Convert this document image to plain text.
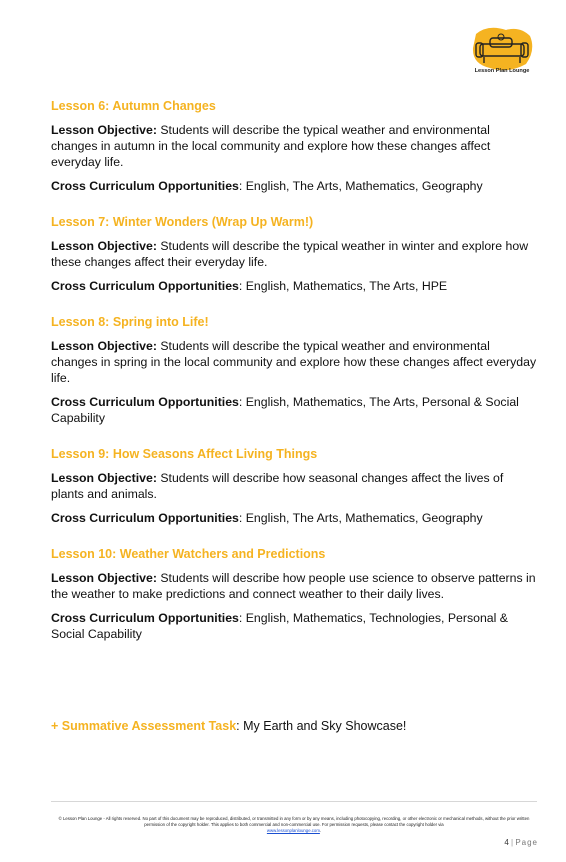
Lesson Plan Lounge
Lesson 6: Autumn Changes
Lesson Objective: Students will describe the typical weather and environmental changes in autumn in the local community and explore how these changes affect everyday life.
Cross Curriculum Opportunities: English, The Arts, Mathematics, Geography
Lesson 7: Winter Wonders (Wrap Up Warm!)
Lesson Objective: Students will describe the typical weather in winter and explore how these changes affect their everyday life.
Cross Curriculum Opportunities: English, Mathematics, The Arts, HPE
Lesson 8: Spring into Life!
Lesson Objective: Students will describe the typical weather and environmental changes in spring in the local community and explore how these changes affect everyday life.
Cross Curriculum Opportunities: English, Mathematics, The Arts, Personal & Social Capability
Lesson 9: How Seasons Affect Living Things
Lesson Objective: Students will describe how seasonal changes affect the lives of plants and animals.
Cross Curriculum Opportunities: English, The Arts, Mathematics, Geography
Lesson 10: Weather Watchers and Predictions
Lesson Objective: Students will describe how people use science to observe patterns in the weather to make predictions and connect weather to their daily lives.
Cross Curriculum Opportunities: English, Mathematics, Technologies, Personal & Social Capability
+ Summative Assessment Task: My Earth and Sky Showcase!
© Lesson Plan Lounge - All rights reserved. No part of this document may be reproduced, distributed, or transmitted in any form or by any means, including photocopying, recording, or other electronic or mechanical methods, without the prior written permission of the copyright holder. This applies to both commercial and non-commercial use. For permission requests, please contact the copyright holder via
www.lessonplanlounge.com.
4 | Page
